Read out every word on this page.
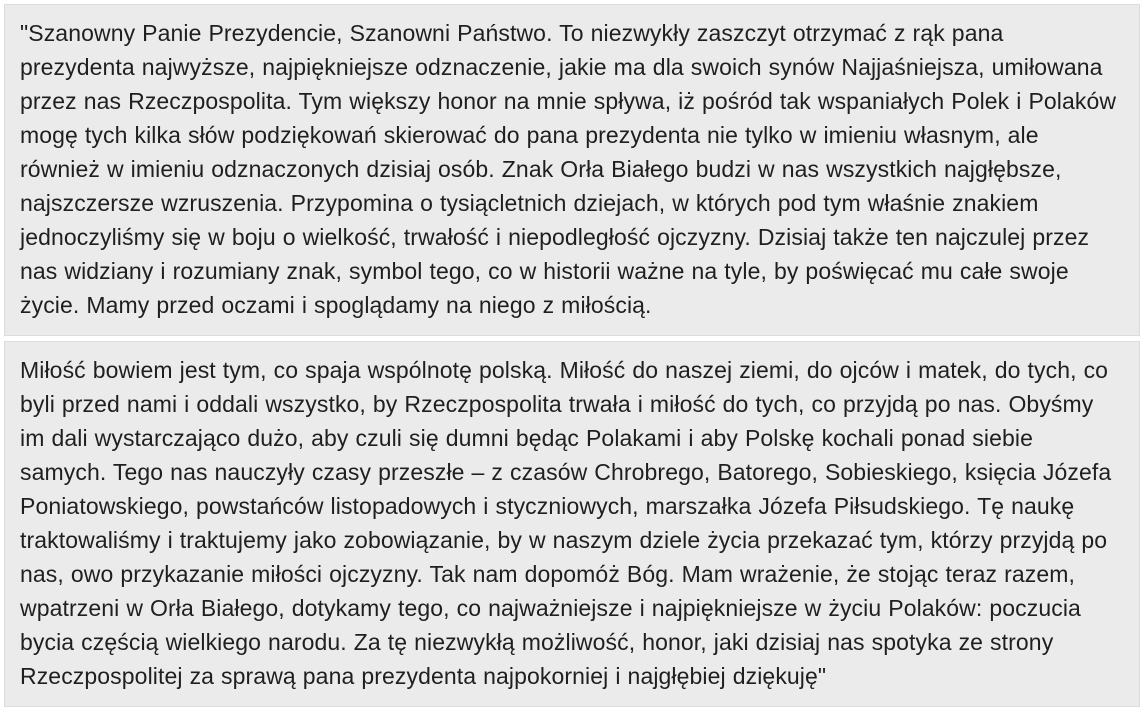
"Szanowny Panie Prezydencie, Szanowni Państwo. To niezwykły zaszczyt otrzymać z rąk pana prezydenta najwyższe, najpiękniejsze odznaczenie, jakie ma dla swoich synów Najjaśniejsza, umiłowana przez nas Rzeczpospolita. Tym większy honor na mnie spływa, iż pośród tak wspaniałych Polek i Polaków mogę tych kilka słów podziękowań skierować do pana prezydenta nie tylko w imieniu własnym, ale również w imieniu odznaczonych dzisiaj osób. Znak Orła Białego budzi w nas wszystkich najgłębsze, najszczersze wzruszenia. Przypomina o tysiącletnich dziejach, w których pod tym właśnie znakiem jednoczyliśmy się w boju o wielkość, trwałość i niepodległość ojczyzny. Dzisiaj także ten najczulej przez nas widziany i rozumiany znak, symbol tego, co w historii ważne na tyle, by poświęcać mu całe swoje życie. Mamy przed oczami i spoglądamy na niego z miłością.
Miłość bowiem jest tym, co spaja wspólnotę polską. Miłość do naszej ziemi, do ojców i matek, do tych, co byli przed nami i oddali wszystko, by Rzeczpospolita trwała i miłość do tych, co przyjdą po nas. Obyśmy im dali wystarczająco dużo, aby czuli się dumni będąc Polakami i aby Polskę kochali ponad siebie samych. Tego nas nauczyły czasy przeszłe – z czasów Chrobrego, Batorego, Sobieskiego, księcia Józefa Poniatowskiego, powstańców listopadowych i styczniowych, marszałka Józefa Piłsudskiego. Tę naukę traktowaliśmy i traktujemy jako zobowiązanie, by w naszym dziele życia przekazać tym, którzy przyjdą po nas, owo przykazanie miłości ojczyzny. Tak nam dopomóż Bóg. Mam wrażenie, że stojąc teraz razem, wpatrzeni w Orła Białego, dotykamy tego, co najważniejsze i najpiękniejsze w życiu Polaków: poczucia bycia częścią wielkiego narodu. Za tę niezwykłą możliwość, honor, jaki dzisiaj nas spotyka ze strony Rzeczpospolitej za sprawą pana prezydenta najpokorniej i najgłębiej dziękuję"
